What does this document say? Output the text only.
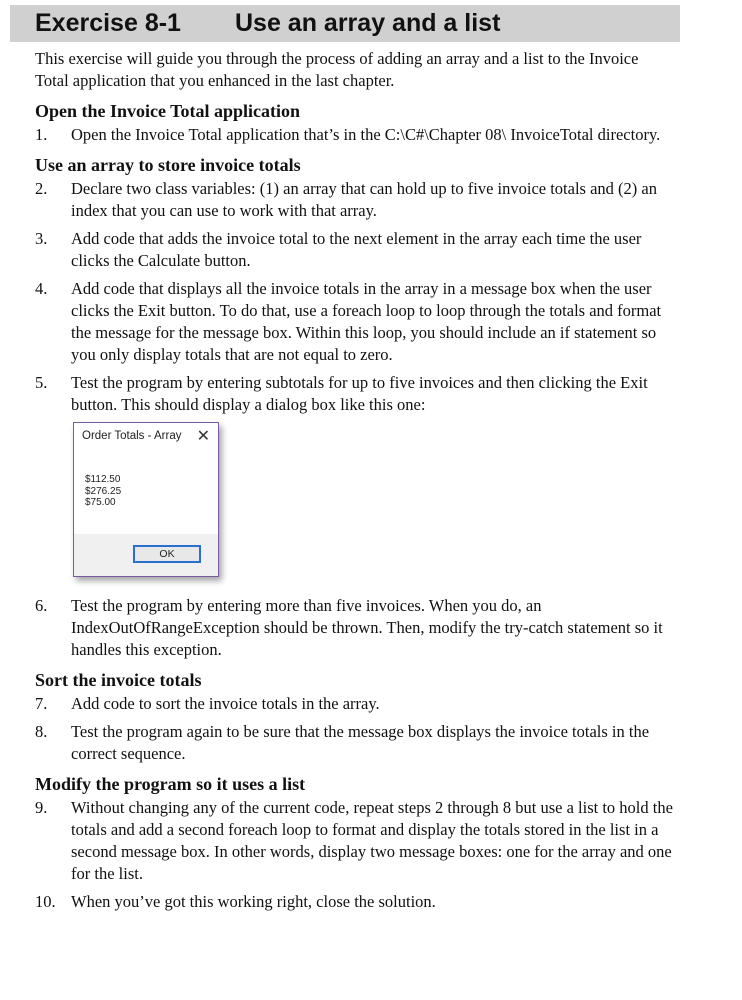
Exercise 8-1 Use an array and a list

This exercise will guide you through the process of adding an array and a list to the Invoice Total application that you enhanced in the last chapter.

Open the Invoice Total application
1. Open the Invoice Total application that’s in the C:\C#\Chapter 08\ InvoiceTotal directory.
Use an array to store invoice totals
2. Declare two class variables: (1) an array that can hold up to five invoice totals and (2) an index that you can use to work with that array.
3. Add code that adds the invoice total to the next element in the array each time the user clicks the Calculate button.
4. Add code that displays all the invoice totals in the array in a message box when the user clicks the Exit button. To do that, use a foreach loop to loop through the totals and format the message for the message box. Within this loop, you should include an if statement so you only display totals that are not equal to zero.
5. Test the program by entering subtotals for up to five invoices and then clicking the Exit button. This should display a dialog box like this one:
Order Totals - Array ✕
$112.50
$276.25
$75.00
OK
6. Test the program by entering more than five invoices. When you do, an IndexOutOfRangeException should be thrown. Then, modify the try-catch statement so it handles this exception.
Sort the invoice totals
7. Add code to sort the invoice totals in the array.
8. Test the program again to be sure that the message box displays the invoice totals in the correct sequence.
Modify the program so it uses a list
9. Without changing any of the current code, repeat steps 2 through 8 but use a list to hold the totals and add a second foreach loop to format and display the totals stored in the list in a second message box. In other words, display two message boxes: one for the array and one for the list.
10. When you’ve got this working right, close the solution.
